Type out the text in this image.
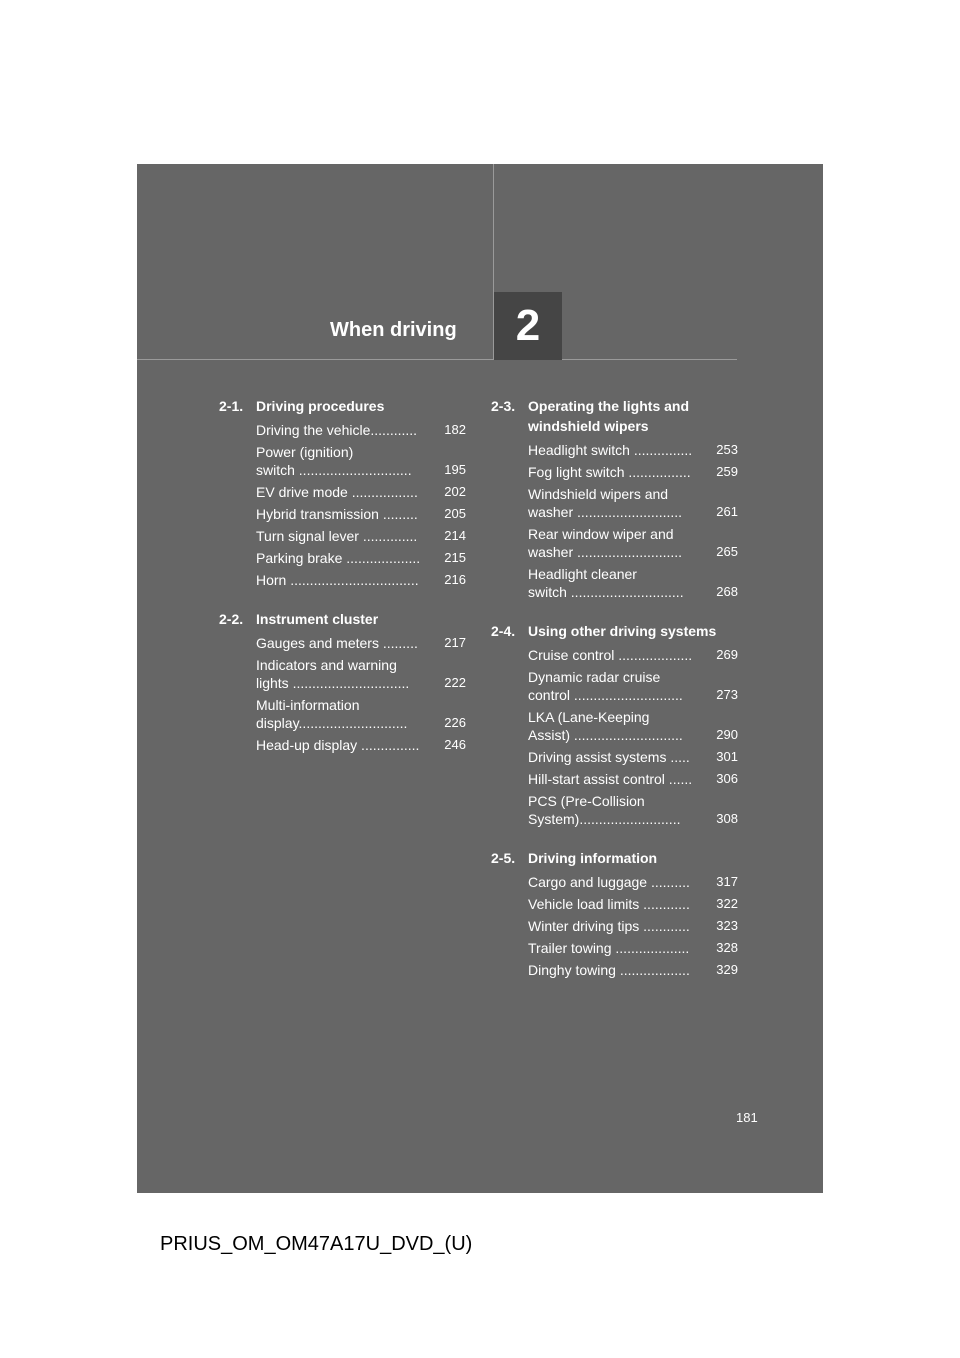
When driving	2
2-1. Driving procedures
Driving the vehicle............	182
Power (ignition)
switch .............................	195
EV drive mode .................	202
Hybrid transmission .........	205
Turn signal lever ..............	214
Parking brake ...................	215
Horn .................................	216
2-2. Instrument cluster
Gauges and meters .........	217
Indicators and warning
lights ..............................	222
Multi-information
display............................	226
Head-up display ...............	246
2-3. Operating the lights and
windshield wipers
Headlight switch ...............	253
Fog light switch ................	259
Windshield wipers and
washer ...........................	261
Rear window wiper and
washer ...........................	265
Headlight cleaner
switch .............................	268
2-4. Using other driving systems
Cruise control ...................	269
Dynamic radar cruise
control ............................	273
LKA (Lane-Keeping
Assist) ............................	290
Driving assist systems .....	301
Hill-start assist control ......	306
PCS (Pre-Collision
System)..........................	308
2-5. Driving information
Cargo and luggage ..........	317
Vehicle load limits ............	322
Winter driving tips ............	323
Trailer towing ...................	328
Dinghy towing ..................	329
181
PRIUS_OM_OM47A17U_DVD_(U)
